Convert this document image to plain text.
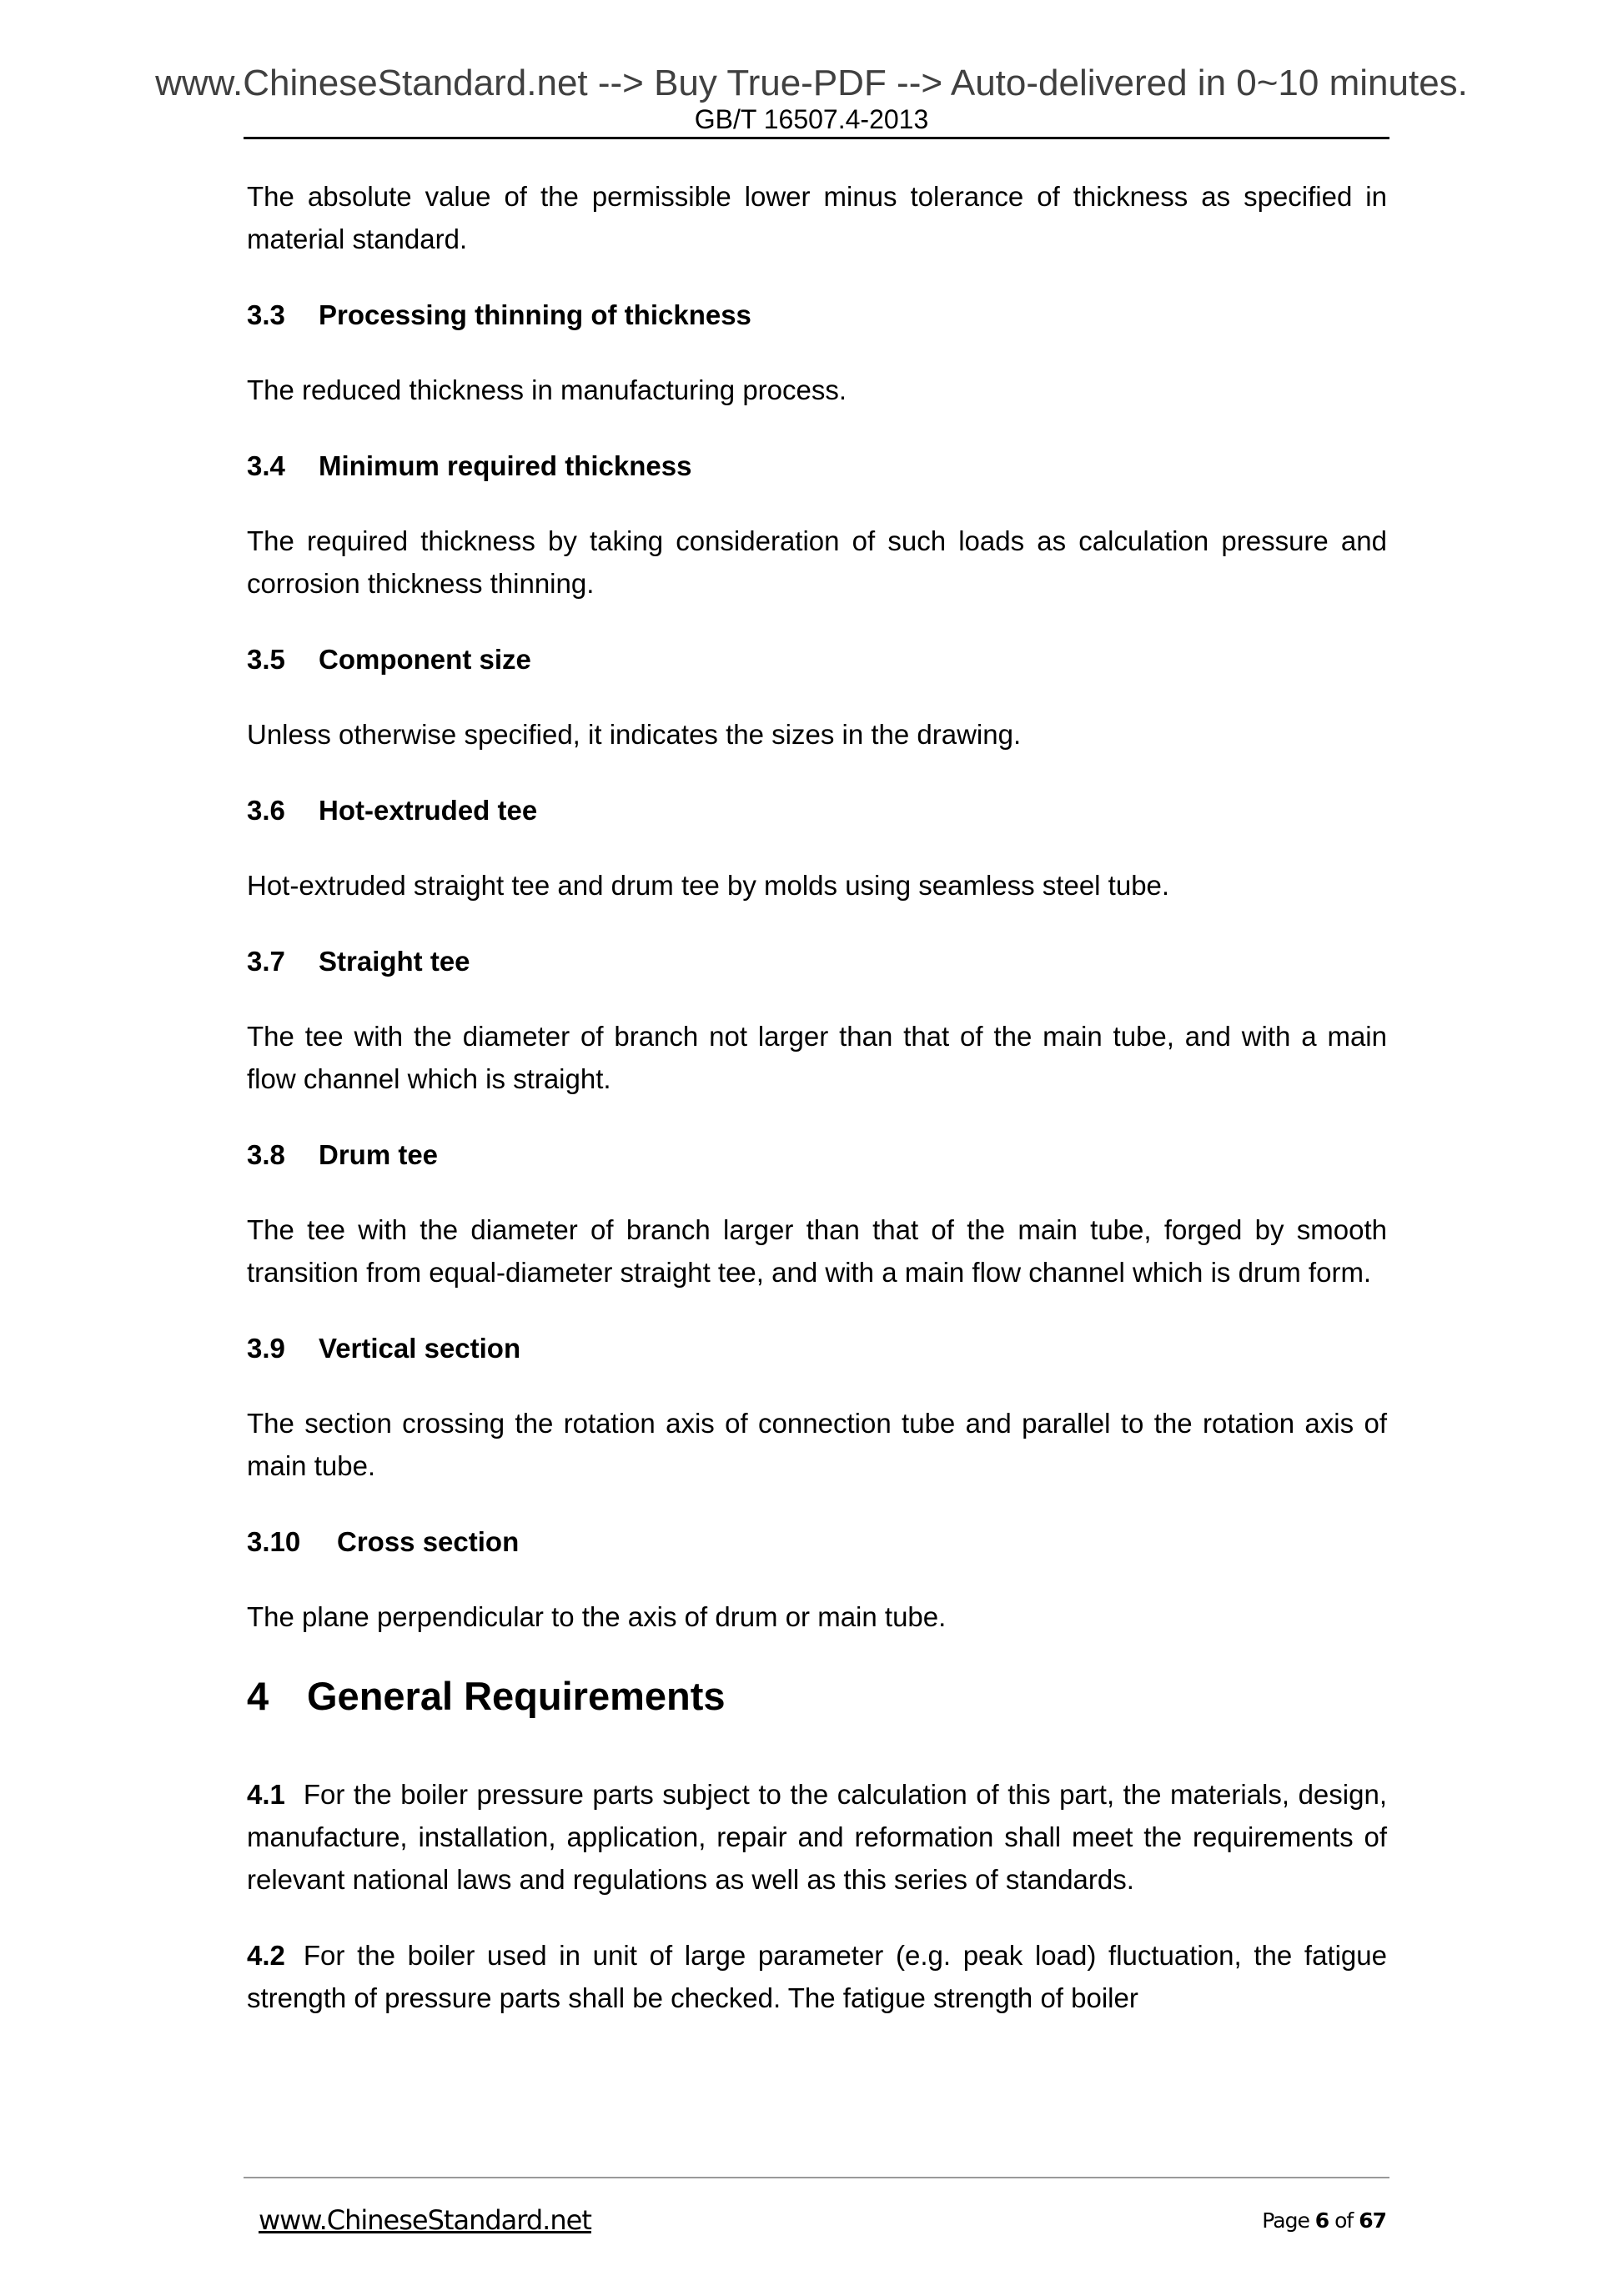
www.ChineseStandard.net --> Buy True-PDF --> Auto-delivered in 0~10 minutes.
GB/T 16507.4-2013
The absolute value of the permissible lower minus tolerance of thickness as specified in material standard.
3.3 Processing thinning of thickness
The reduced thickness in manufacturing process.
3.4 Minimum required thickness
The required thickness by taking consideration of such loads as calculation pressure and corrosion thickness thinning.
3.5 Component size
Unless otherwise specified, it indicates the sizes in the drawing.
3.6 Hot-extruded tee
Hot-extruded straight tee and drum tee by molds using seamless steel tube.
3.7 Straight tee
The tee with the diameter of branch not larger than that of the main tube, and with a main flow channel which is straight.
3.8 Drum tee
The tee with the diameter of branch larger than that of the main tube, forged by smooth transition from equal-diameter straight tee, and with a main flow channel which is drum form.
3.9 Vertical section
The section crossing the rotation axis of connection tube and parallel to the rotation axis of main tube.
3.10 Cross section
The plane perpendicular to the axis of drum or main tube.
4 General Requirements
4.1 For the boiler pressure parts subject to the calculation of this part, the materials, design, manufacture, installation, application, repair and reformation shall meet the requirements of relevant national laws and regulations as well as this series of standards.
4.2 For the boiler used in unit of large parameter (e.g. peak load) fluctuation, the fatigue strength of pressure parts shall be checked. The fatigue strength of boiler
www.ChineseStandard.net	Page 6 of 67
